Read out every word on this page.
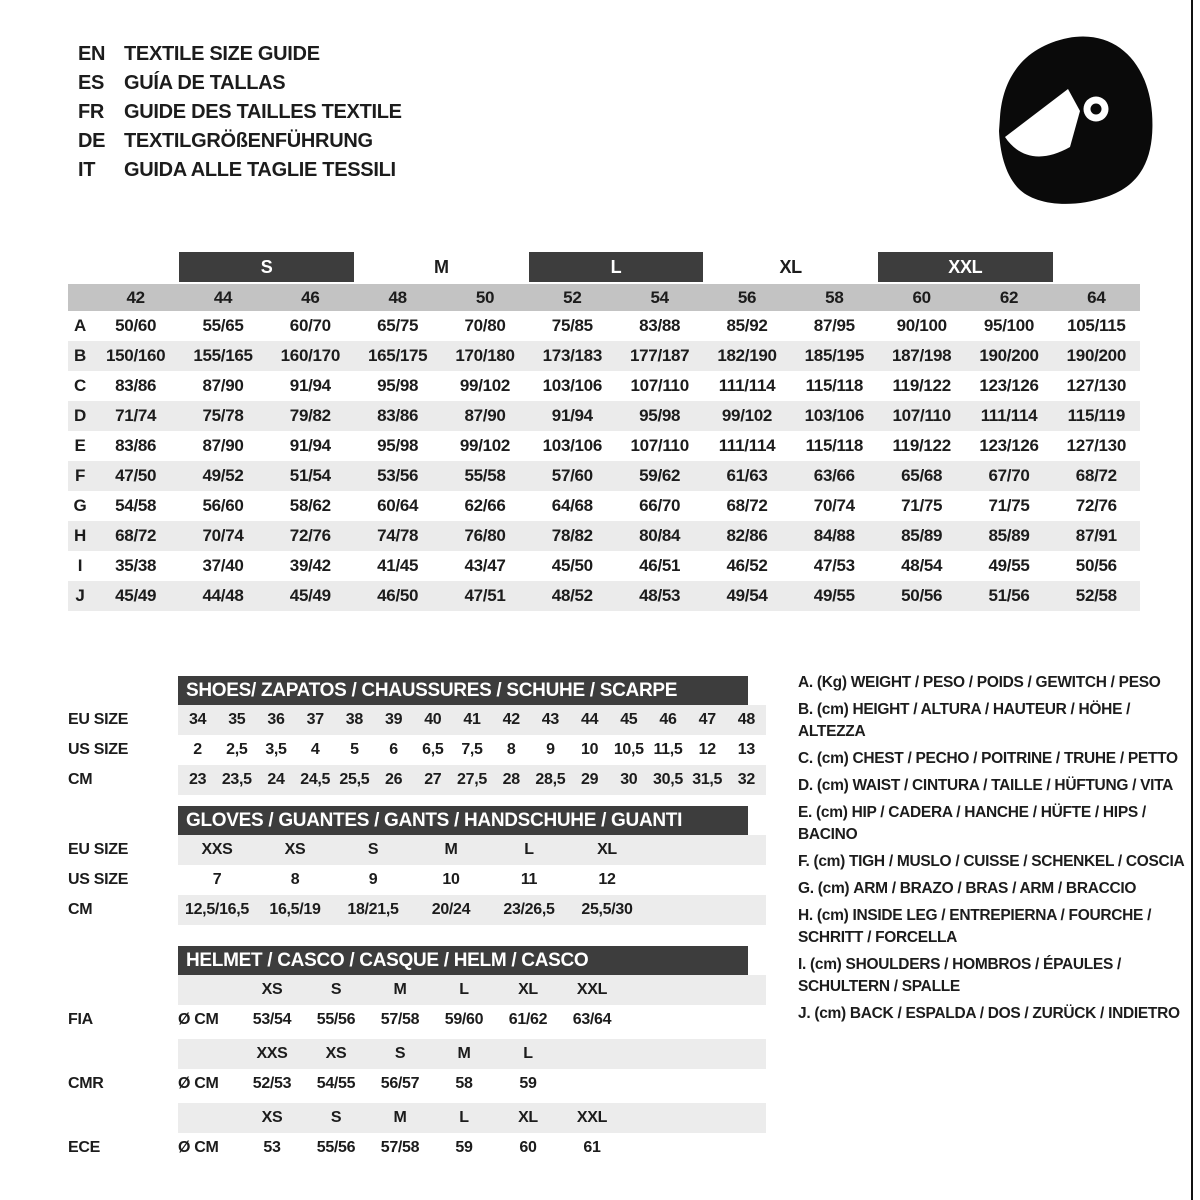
EN TEXTILE SIZE GUIDE
ES GUÍA DE TALLAS
FR GUIDE DES TAILLES TEXTILE
DE TEXTILGRÖßENFÜHRUNG
IT	GUIDA ALLE TAGLIE TESSILI
S	M	L	XL	XXL
42	44	46	48	50	52	54	56	58	60	62	64
A	50/60	55/65	60/70	65/75	70/80	75/85	83/88	85/92	87/95	90/100	95/100	105/115
B	150/160	155/165	160/170	165/175	170/180	173/183	177/187	182/190	185/195	187/198	190/200	190/200
C	83/86	87/90	91/94	95/98	99/102	103/106	107/110	111/114	115/118	119/122	123/126	127/130
D	71/74	75/78	79/82	83/86	87/90	91/94	95/98	99/102	103/106	107/110	111/114	115/119
E	83/86	87/90	91/94	95/98	99/102	103/106	107/110	111/114	115/118	119/122	123/126	127/130
F	47/50	49/52	51/54	53/56	55/58	57/60	59/62	61/63	63/66	65/68	67/70	68/72
G	54/58	56/60	58/62	60/64	62/66	64/68	66/70	68/72	70/74	71/75	71/75	72/76
H	68/72	70/74	72/76	74/78	76/80	78/82	80/84	82/86	84/88	85/89	85/89	87/91
I	35/38	37/40	39/42	41/45	43/47	45/50	46/51	46/52	47/53	48/54	49/55	50/56
J	45/49	44/48	45/49	46/50	47/51	48/52	48/53	49/54	49/55	50/56	51/56	52/58
SHOES/ ZAPATOS / CHAUSSURES / SCHUHE / SCARPE
EU SIZE	34	35	36	37	38	39	40	41	42	43	44	45	46	47	48
US SIZE	2	2,5	3,5	4	5	6	6,5	7,5	8	9	10 10,5 11,5	12	13
CM	23 23,5 24 24,5 25,5 26	27 27,5 28 28,5 29	30 30,5 31,5 32
GLOVES / GUANTES / GANTS / HANDSCHUHE / GUANTI
EU SIZE	XXS	XS	S	M	L	XL
US SIZE	7	8	9	10	11	12
CM	12,5/16,5	16,5/19	18/21,5	20/24	23/26,5	25,5/30
HELMET / CASCO / CASQUE / HELM / CASCO
XS	S	M	L	XL	XXL
FIA	Ø CM	53/54	55/56	57/58	59/60	61/62	63/64
XXS	XS	S	M	L
CMR	Ø CM	52/53	54/55	56/57	58	59
XS	S	M	L	XL	XXL
ECE	Ø CM	53	55/56	57/58	59	60	61
A. (Kg) WEIGHT / PESO / POIDS / GEWITCH / PESO
B. (cm) HEIGHT / ALTURA / HAUTEUR / HÖHE / ALTEZZA
C. (cm) CHEST / PECHO / POITRINE / TRUHE / PETTO
D. (cm) WAIST / CINTURA / TAILLE / HÜFTUNG / VITA
E. (cm) HIP / CADERA / HANCHE / HÜFTE / HIPS / BACINO
F. (cm) TIGH / MUSLO / CUISSE / SCHENKEL / COSCIA
G. (cm) ARM / BRAZO / BRAS / ARM / BRACCIO
H. (cm) INSIDE LEG / ENTREPIERNA / FOURCHE / SCHRITT / FORCELLA
I. (cm) SHOULDERS / HOMBROS / ÉPAULES / SCHULTERN / SPALLE
J. (cm) BACK / ESPALDA / DOS / ZURÜCK / INDIETRO
